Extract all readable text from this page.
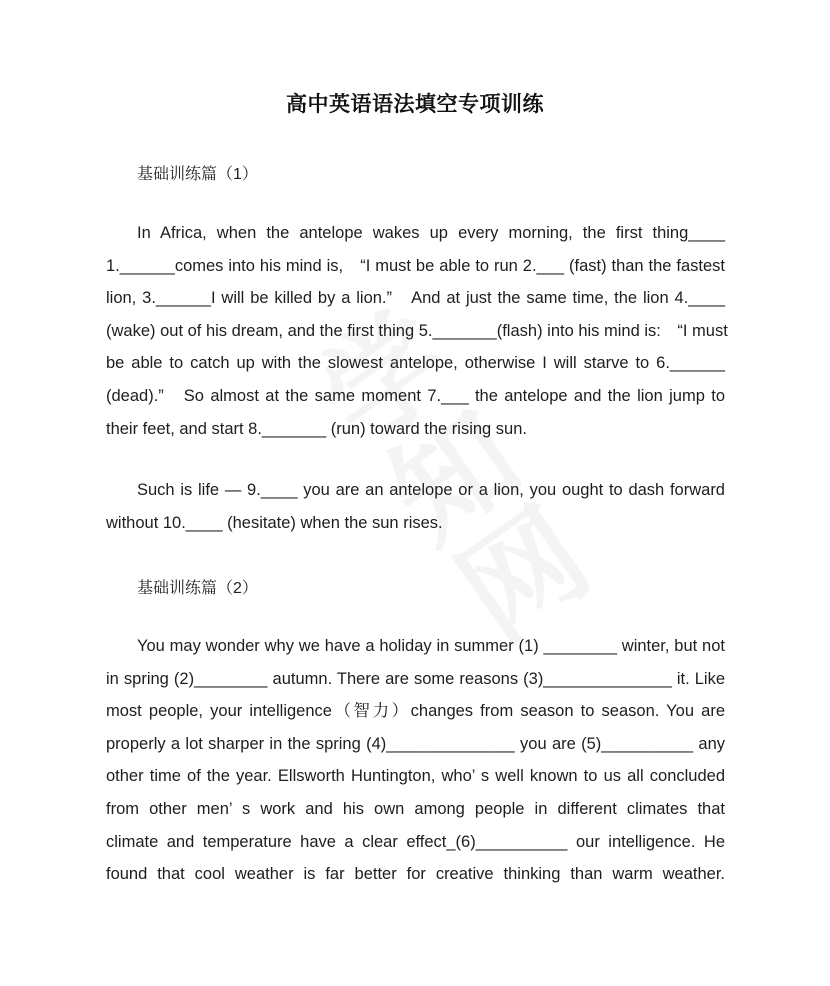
高中英语语法填空专项训练
基础训练篇（1）
In Africa, when the antelope wakes up every morning, the first thing____
1.______comes into his mind is,　“I must be able to run 2.___ (fast) than the fastest
lion, 3.______I will be killed by a lion.”　And at just the same time, the lion 4.____
(wake) out of his dream, and the first thing 5._______(flash) into his mind is:　“I must
be able to catch up with the slowest antelope, otherwise I will starve to 6.______
(dead).”　So almost at the same moment 7.___ the antelope and the lion jump to
their feet, and start 8._______ (run) toward the rising sun.
Such is life — 9.____ you are an antelope or a lion, you ought to dash forward
without 10.____ (hesitate) when the sun rises.
基础训练篇（2）
You may wonder why we have a holiday in summer (1) ________ winter, but not
in spring (2)________ autumn. There are some reasons (3)______________ it. Like
most people, your intelligence（智力）changes from season to season. You are
properly a lot sharper in the spring (4)______________ you are (5)__________ any
other time of the year. Ellsworth Huntington, who’ s well known to us all concluded
from other men’ s work and his own among people in different climates that
climate and temperature have a clear effect_(6)__________ our intelligence. He
found that cool weather is far better for creative thinking than warm weather.
